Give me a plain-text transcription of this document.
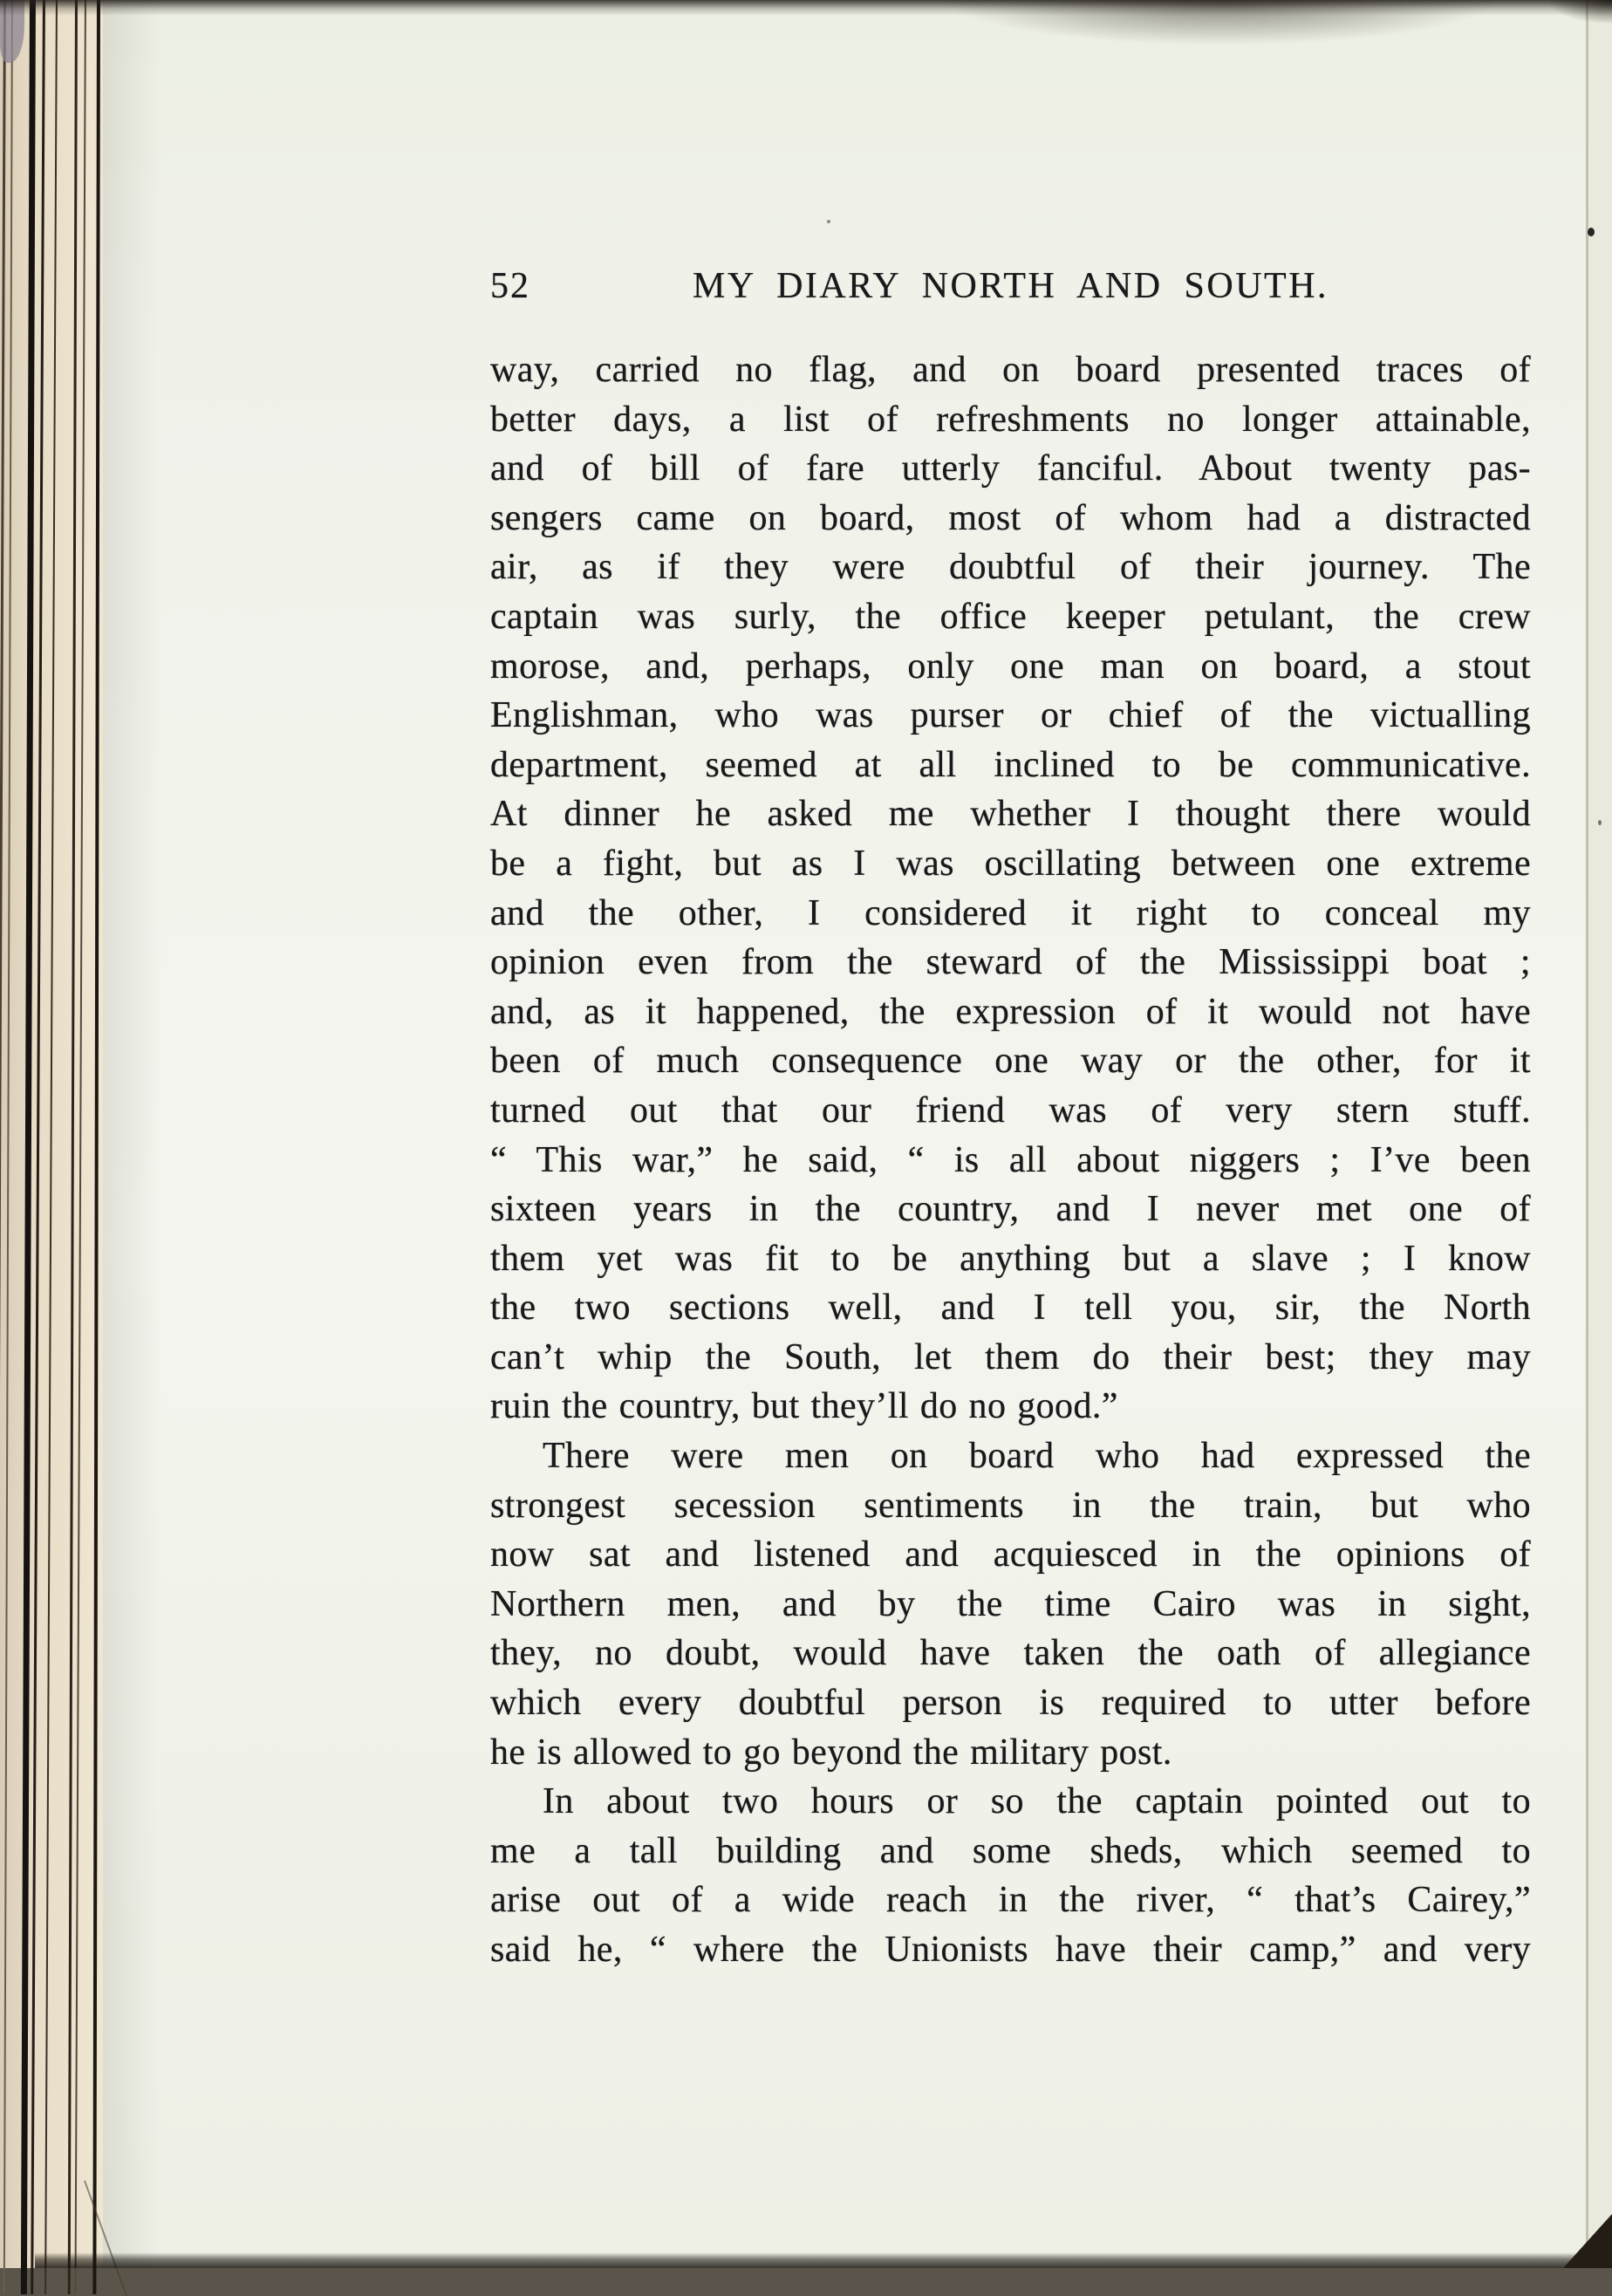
52	MY DIARY NORTH AND SOUTH.
way, carried no flag, and on board presented traces of
better days, a list of refreshments no longer attainable,
and of bill of fare utterly fanciful. About twenty pas-
sengers came on board, most of whom had a distracted
air, as if they were doubtful of their journey. The
captain was surly, the office keeper petulant, the crew
morose, and, perhaps, only one man on board, a stout
Englishman, who was purser or chief of the victualling
department, seemed at all inclined to be communicative.
At dinner he asked me whether I thought there would
be a fight, but as I was oscillating between one extreme
and the other, I considered it right to conceal my
opinion even from the steward of the Mississippi boat ;
and, as it happened, the expression of it would not have
been of much consequence one way or the other, for it
turned out that our friend was of very stern stuff.
“ This war,” he said, “ is all about niggers ; I’ve been
sixteen years in the country, and I never met one of
them yet was fit to be anything but a slave ; I know
the two sections well, and I tell you, sir, the North
can’t whip the South, let them do their best; they may
ruin the country, but they’ll do no good.”
There were men on board who had expressed the
strongest secession sentiments in the train, but who
now sat and listened and acquiesced in the opinions of
Northern men, and by the time Cairo was in sight,
they, no doubt, would have taken the oath of allegiance
which every doubtful person is required to utter before
he is allowed to go beyond the military post.
In about two hours or so the captain pointed out to
me a tall building and some sheds, which seemed to
arise out of a wide reach in the river, “ that’s Cairey,”
said he, “ where the Unionists have their camp,” and very
